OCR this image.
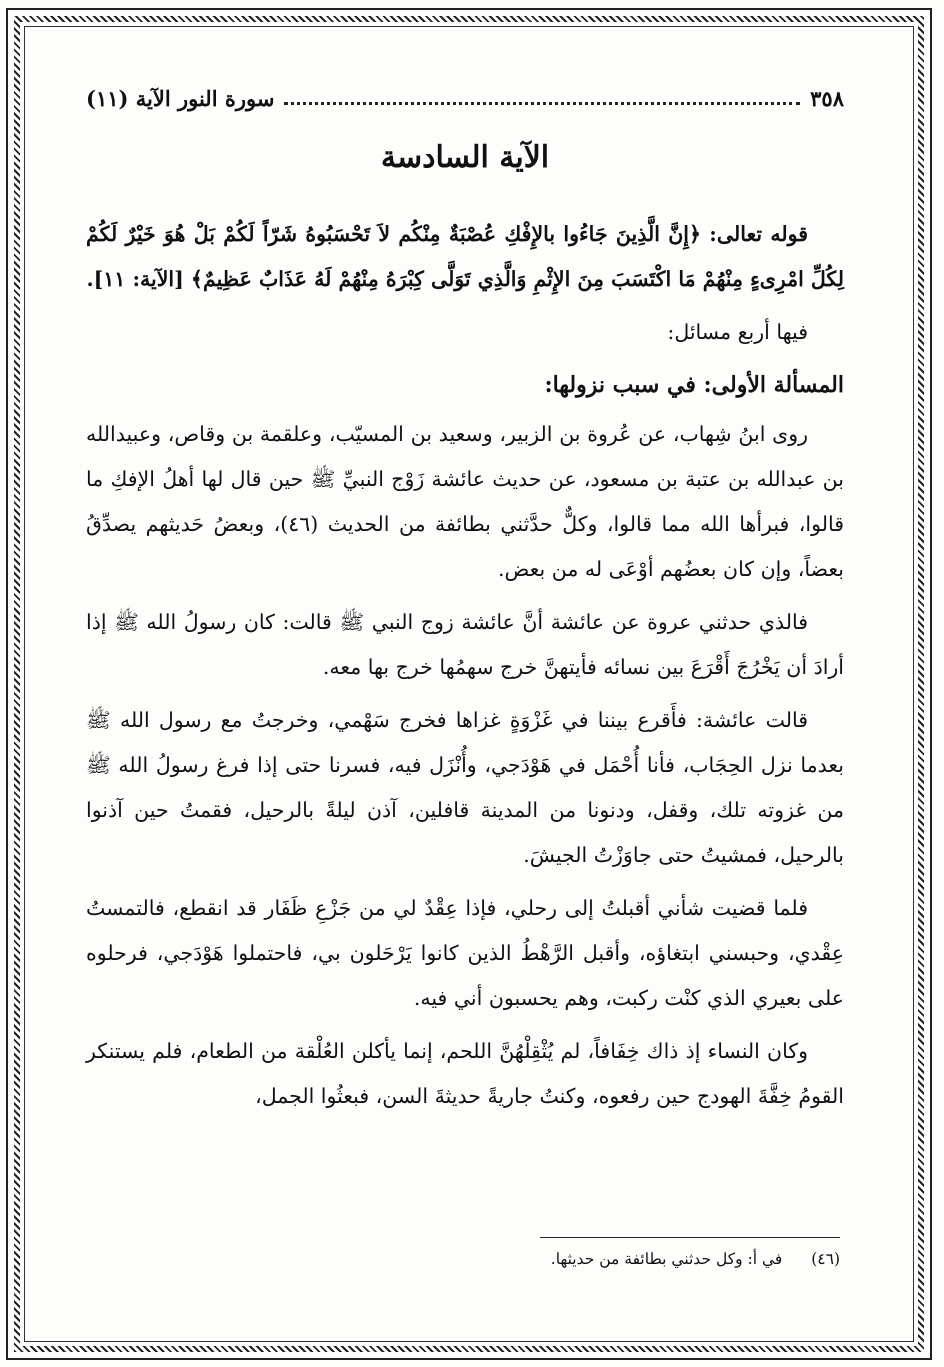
٣٥٨
سورة النور الآية (١١)
الآية السادسة

قوله تعالى: ﴿إِنَّ الَّذِينَ جَاءُوا بالإِفْكِ عُصْبَةٌ مِنْكُم لاَ تَحْسَبُوهُ شَرّاً لَكُمْ بَلْ هُوَ خَيْرٌ لَكُمْ لِكُلِّ امْرِىءٍ مِنْهُمْ مَا اكْتَسَبَ مِنَ الإِثْمِ وَالَّذِي تَوَلَّى كِبْرَهُ مِنْهُمْ لَهُ عَذَابٌ عَظِيمٌ﴾ [الآية: ١١].

فيها أربع مسائل:

المسألة الأولى: في سبب نزولها:

روى ابنُ شِهاب، عن عُروة بن الزبير، وسعيد بن المسيّب، وعلقمة بن وقاص، وعبيدالله بن عبدالله بن عتبة بن مسعود، عن حديث عائشة زَوْج النبيِّ ﷺ حين قال لها أهلُ الإفكِ ما قالوا، فبرأها الله مما قالوا، وكلٌّ حدَّثني بطائفة من الحديث (٤٦)، وبعضُ حَديثهم يصدِّقُ بعضاً، وإن كان بعضُهم أوْعَى له من بعض.

فالذي حدثني عروة عن عائشة أنَّ عائشة زوج النبي ﷺ قالت: كان رسولُ الله ﷺ إذا أرادَ أن يَخْرُجَ أَقْرَعَ بين نسائه فأيتهنَّ خرج سهمُها خرج بها معه.

قالت عائشة: فأَقرع بيننا في غَزْوَةٍ غزاها فخرج سَهْمي، وخرجتُ مع رسول الله ﷺ بعدما نزل الحِجَاب، فأنا أُحْمَل في هَوْدَجي، وأُنْزَل فيه، فسرنا حتى إذا فرغ رسولُ الله ﷺ من غزوته تلك، وقفل، ودنونا من المدينة قافلين، آذن ليلةً بالرحيل، فقمتُ حين آذنوا بالرحيل، فمشيتُ حتى جاوَزْتُ الجيشَ.

فلما قضيت شأني أقبلتُ إلى رحلي، فإذا عِقْدٌ لي من جَزْعِ ظَفَار قد انقطع، فالتمستُ عِقْدي، وحبسني ابتغاؤه، وأقبل الرَّهْطُ الذين كانوا يَرْحَلون بي، فاحتملوا هَوْدَجي، فرحلوه على بعيري الذي كنْت ركبت، وهم يحسبون أني فيه.

وكان النساء إذ ذاك خِفَافاً، لم يُثْقِلْهُنَّ اللحم، إنما يأكلن العُلْقة من الطعام، فلم يستنكر القومُ خِفَّةَ الهودج حين رفعوه، وكنتُ جاريةً حديثةَ السن، فبعثُوا الجمل،

(٤٦) في أ: وكل حدثني بطائفة من حديثها.
